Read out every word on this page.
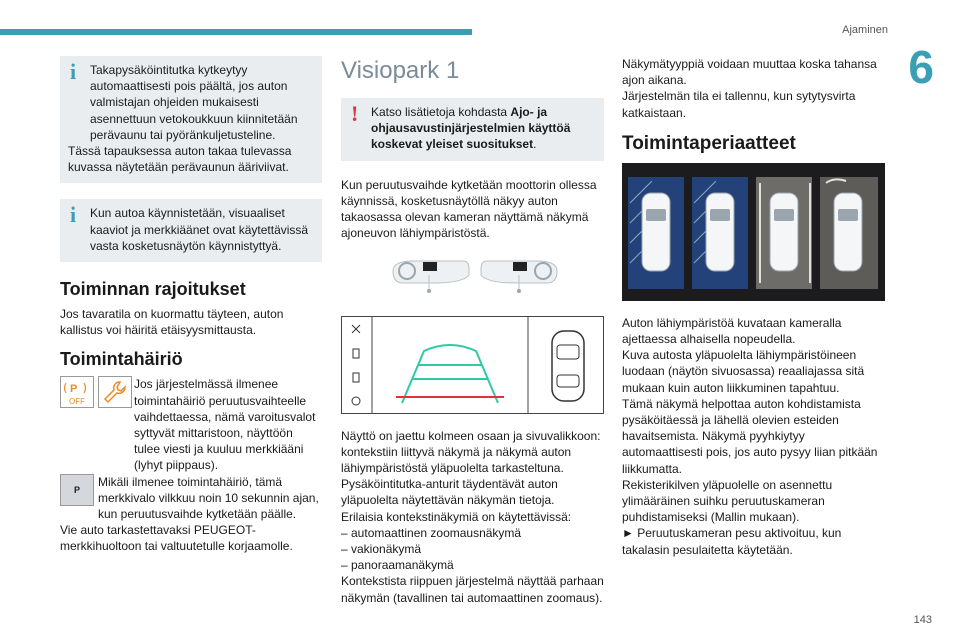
Ajaminen
6
143
i	Takapysäköintitutka kytkeytyy automaattisesti pois päältä, jos auton valmistajan ohjeiden mukaisesti asennettuun vetokoukkuun kiinnitetään perävaunu tai pyöränkuljetusteline.

Tässä tapauksessa auton takaa tulevassa kuvassa näytetään perävaunun ääriviivat.

i	Kun autoa käynnistetään, visuaaliset kaaviot ja merkkiäänet ovat käytettävissä vasta kosketusnäytön käynnistyttyä.

Toiminnan rajoitukset

Jos tavaratila on kuormattu täyteen, auton kallistus voi häiritä etäisyysmittausta.

Toimintahäiriö
P
OFF

Jos järjestelmässä ilmenee toimintahäiriö peruutusvaihteelle vaihdettaessa, nämä varoitusvalot syttyvät mittaristoon, näyttöön tulee viesti ja kuuluu merkkiääni (lyhyt piippaus).

P

Mikäli ilmenee toimintahäiriö, tämä merkkivalo vilkkuu noin 10 sekunnin ajan, kun peruutusvaihde kytketään päälle.

Vie auto tarkastettavaksi PEUGEOT-merkkihuoltoon tai valtuutetulle korjaamolle.

Visiopark 1
!	Katso lisätietoja kohdasta Ajo- ja ohjausavustinjärjestelmien käyttöä koskevat yleiset suositukset.

Kun peruutusvaihde kytketään moottorin ollessa käynnissä, kosketusnäytöllä näkyy auton takaosassa olevan kameran näyttämä näkymä ajoneuvon lähiympäristöstä.

Näyttö on jaettu kolmeen osaan ja sivuvalikkoon: kontekstiin liittyvä näkymä ja näkymä auton lähiympäristöstä yläpuolelta tarkasteltuna.

Pysäköintitutka-anturit täydentävät auton yläpuolelta näytettävän näkymän tietoja.

Erilaisia kontekstinäkymiä on käytettävissä:

– automaattinen zoomausnäkymä

– vakionäkymä

– panoraamanäkymä

Kontekstista riippuen järjestelmä näyttää parhaan näkymän (tavallinen tai automaattinen zoomaus).

Näkymätyyppiä voidaan muuttaa koska tahansa ajon aikana.

Järjestelmän tila ei tallennu, kun sytytysvirta katkaistaan.

Toimintaperiaatteet

Auton lähiympäristöä kuvataan kameralla ajettaessa alhaisella nopeudella.

Kuva autosta yläpuolelta lähiympäristöineen luodaan (näytön sivuosassa) reaaliajassa sitä mukaan kuin auton liikkuminen tapahtuu.

Tämä näkymä helpottaa auton kohdistamista pysäköitäessä ja lähellä olevien esteiden havaitsemista. Näkymä pyyhkiytyy automaattisesti pois, jos auto pysyy liian pitkään liikkumatta.

Rekisterikilven yläpuolelle on asennettu ylimääräinen suihku peruutuskameran puhdistamiseksi (Mallin mukaan).

► Peruutuskameran pesu aktivoituu, kun takalasin pesulaitetta käytetään.
